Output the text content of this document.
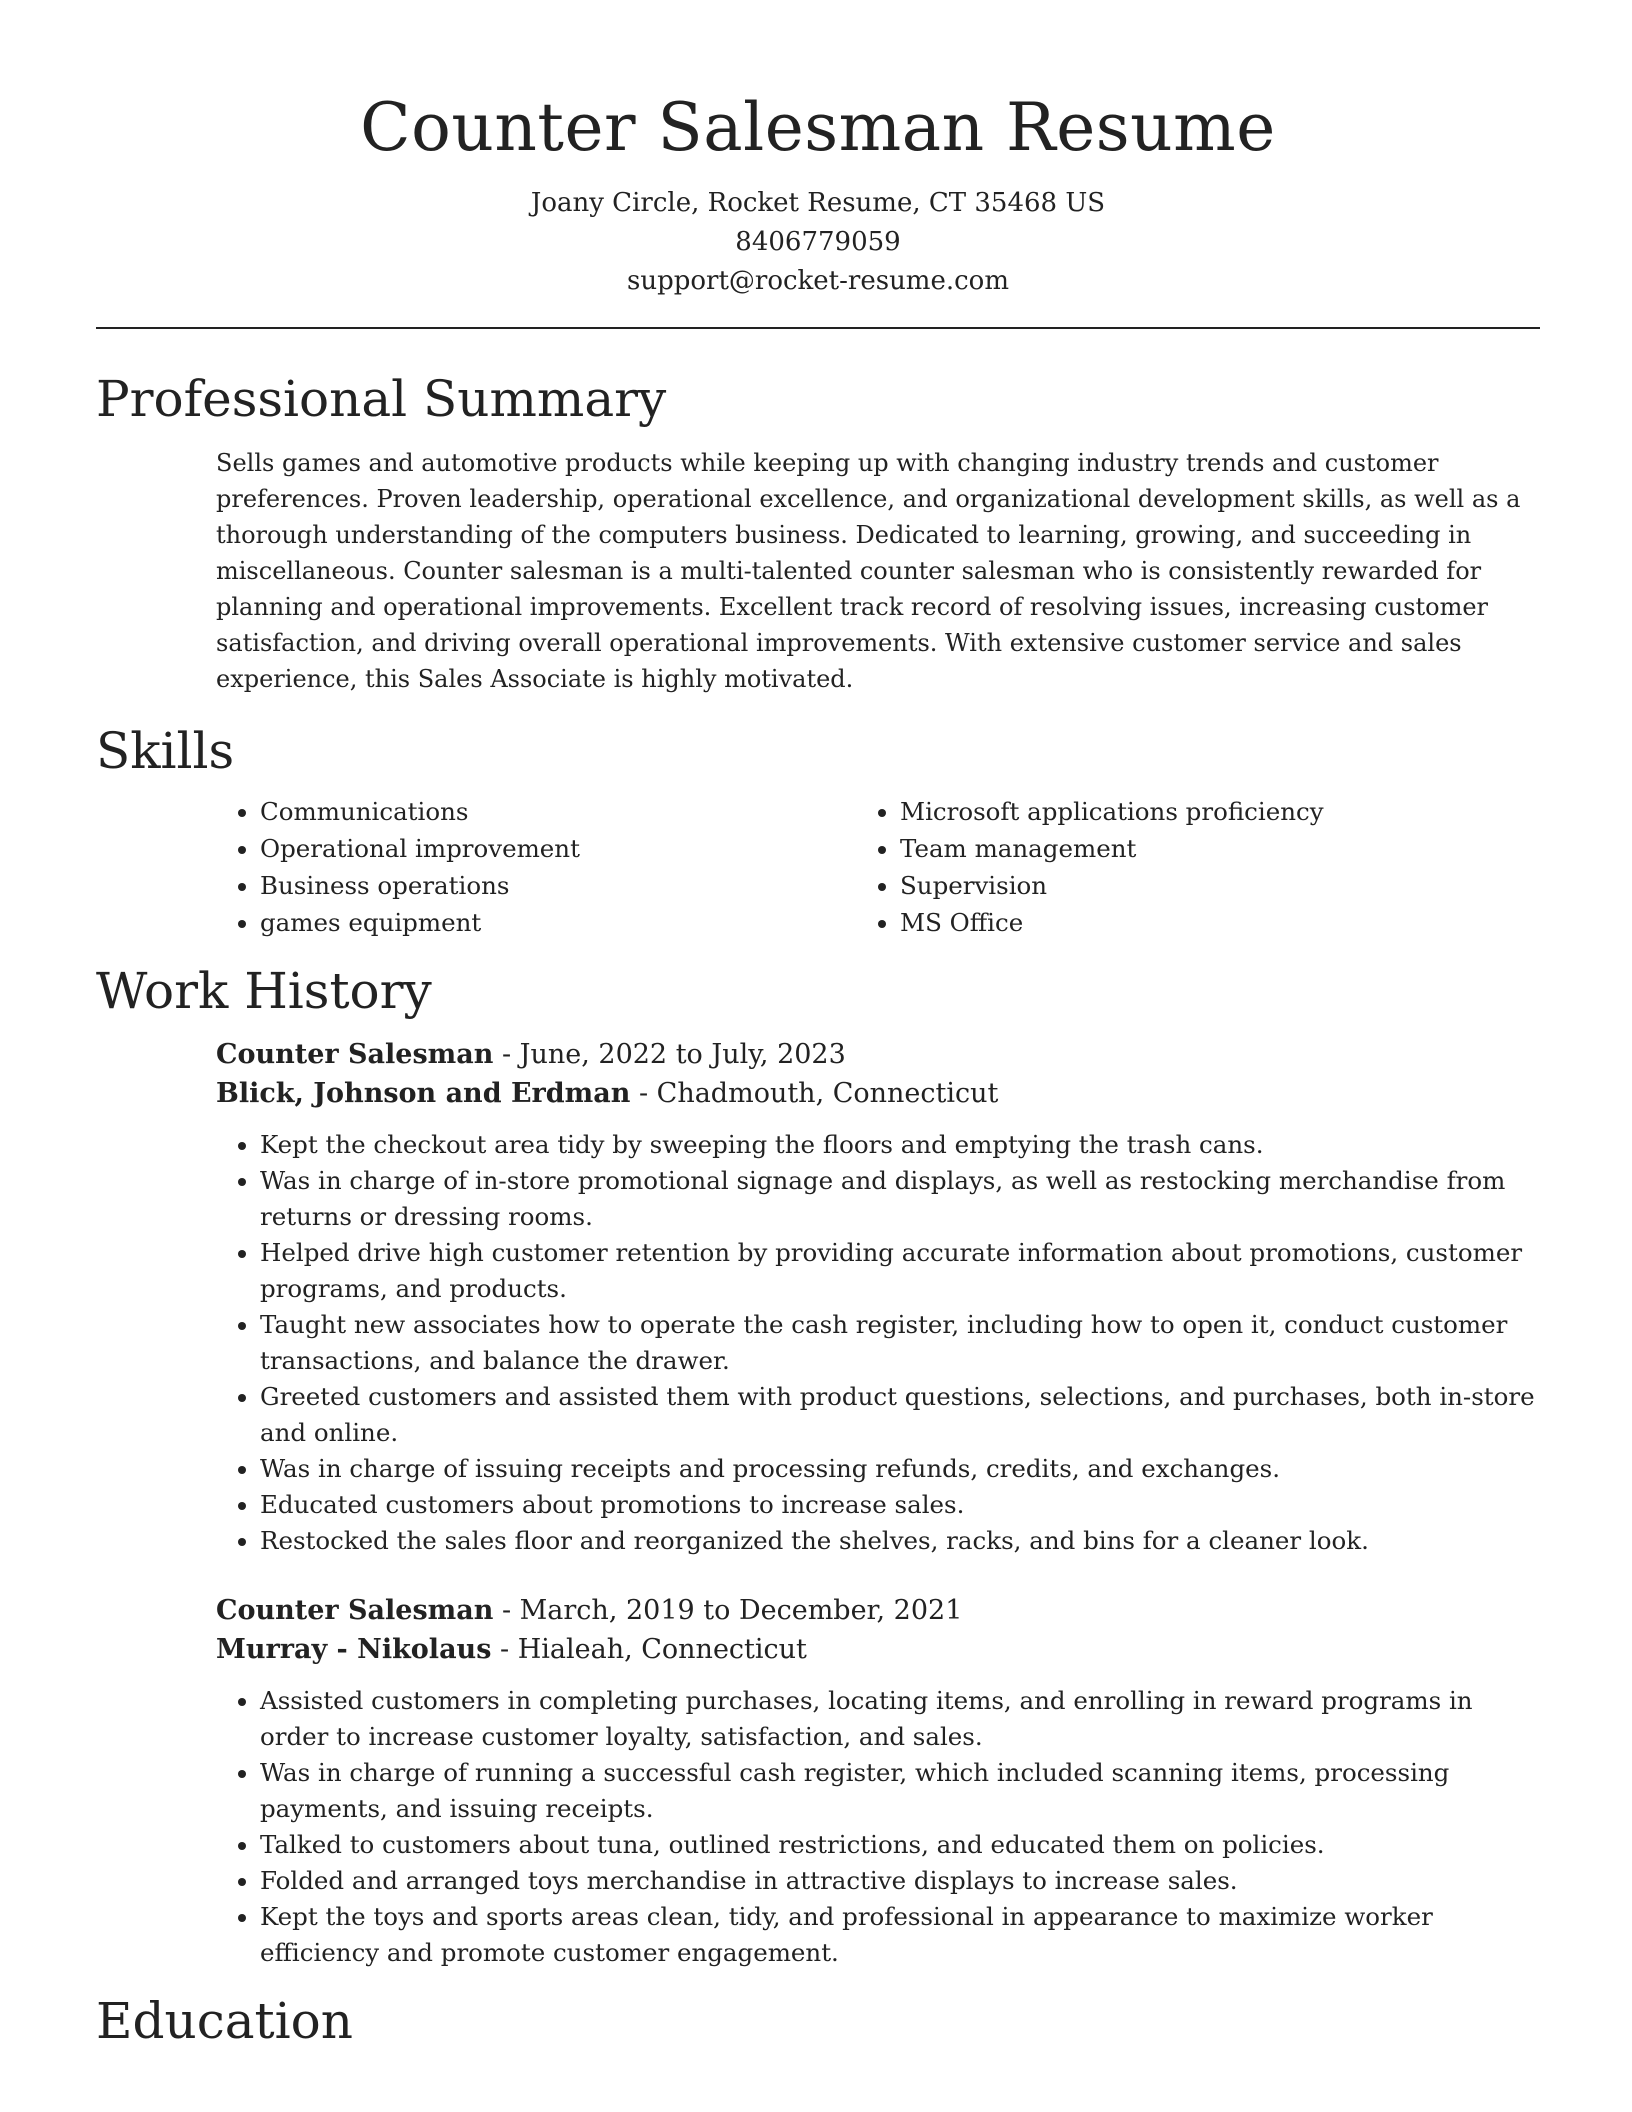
Counter Salesman Resume
Joany Circle, Rocket Resume, CT 35468 US
8406779059
support@rocket-resume.com
Professional Summary
Sells games and automotive products while keeping up with changing industry trends and customer preferences. Proven leadership, operational excellence, and organizational development skills, as well as a thorough understanding of the computers business. Dedicated to learning, growing, and succeeding in miscellaneous. Counter salesman is a multi-talented counter salesman who is consistently rewarded for planning and operational improvements. Excellent track record of resolving issues, increasing customer satisfaction, and driving overall operational improvements. With extensive customer service and sales experience, this Sales Associate is highly motivated.
Skills
• Communications
• Operational improvement
• Business operations
• games equipment
• Microsoft applications proficiency
• Team management
• Supervision
• MS Office
Work History
Counter Salesman - June, 2022 to July, 2023
Blick, Johnson and Erdman - Chadmouth, Connecticut
• Kept the checkout area tidy by sweeping the floors and emptying the trash cans.
• Was in charge of in-store promotional signage and displays, as well as restocking merchandise from returns or dressing rooms.
• Helped drive high customer retention by providing accurate information about promotions, customer programs, and products.
• Taught new associates how to operate the cash register, including how to open it, conduct customer transactions, and balance the drawer.
• Greeted customers and assisted them with product questions, selections, and purchases, both in-store and online.
• Was in charge of issuing receipts and processing refunds, credits, and exchanges.
• Educated customers about promotions to increase sales.
• Restocked the sales floor and reorganized the shelves, racks, and bins for a cleaner look.
Counter Salesman - March, 2019 to December, 2021
Murray - Nikolaus - Hialeah, Connecticut
• Assisted customers in completing purchases, locating items, and enrolling in reward programs in order to increase customer loyalty, satisfaction, and sales.
• Was in charge of running a successful cash register, which included scanning items, processing payments, and issuing receipts.
• Talked to customers about tuna, outlined restrictions, and educated them on policies.
• Folded and arranged toys merchandise in attractive displays to increase sales.
• Kept the toys and sports areas clean, tidy, and professional in appearance to maximize worker efficiency and promote customer engagement.
Education
